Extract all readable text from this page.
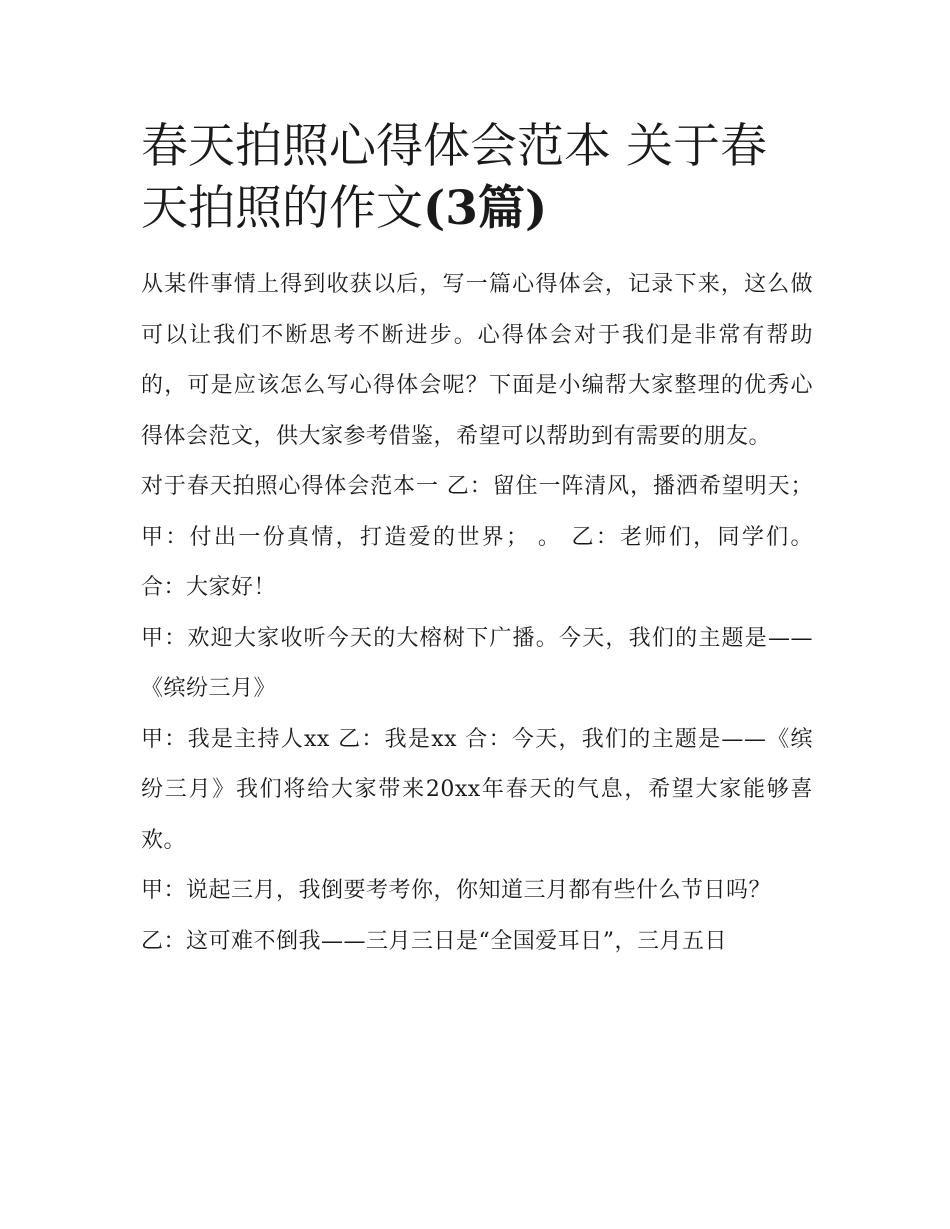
春天拍照心得体会范本 关于春天拍照的作文(3篇)

从某件事情上得到收获以后，写一篇心得体会，记录下来，这么做可以让我们不断思考不断进步。心得体会对于我们是非常有帮助的，可是应该怎么写心得体会呢？下面是小编帮大家整理的优秀心得体会范文，供大家参考借鉴，希望可以帮助到有需要的朋友。

对于春天拍照心得体会范本一 乙：留住一阵清风，播洒希望明天； 甲：付出一份真情，打造爱的世界； 。 乙：老师们，同学们。 合：大家好！

甲：欢迎大家收听今天的大榕树下广播。今天，我们的主题是——《缤纷三月》

甲：我是主持人xx 乙：我是xx 合：今天，我们的主题是——《缤纷三月》我们将给大家带来20xx年春天的气息，希望大家能够喜欢。

甲：说起三月，我倒要考考你，你知道三月都有些什么节日吗？

乙：这可难不倒我——三月三日是“全国爱耳日”，三月五日
